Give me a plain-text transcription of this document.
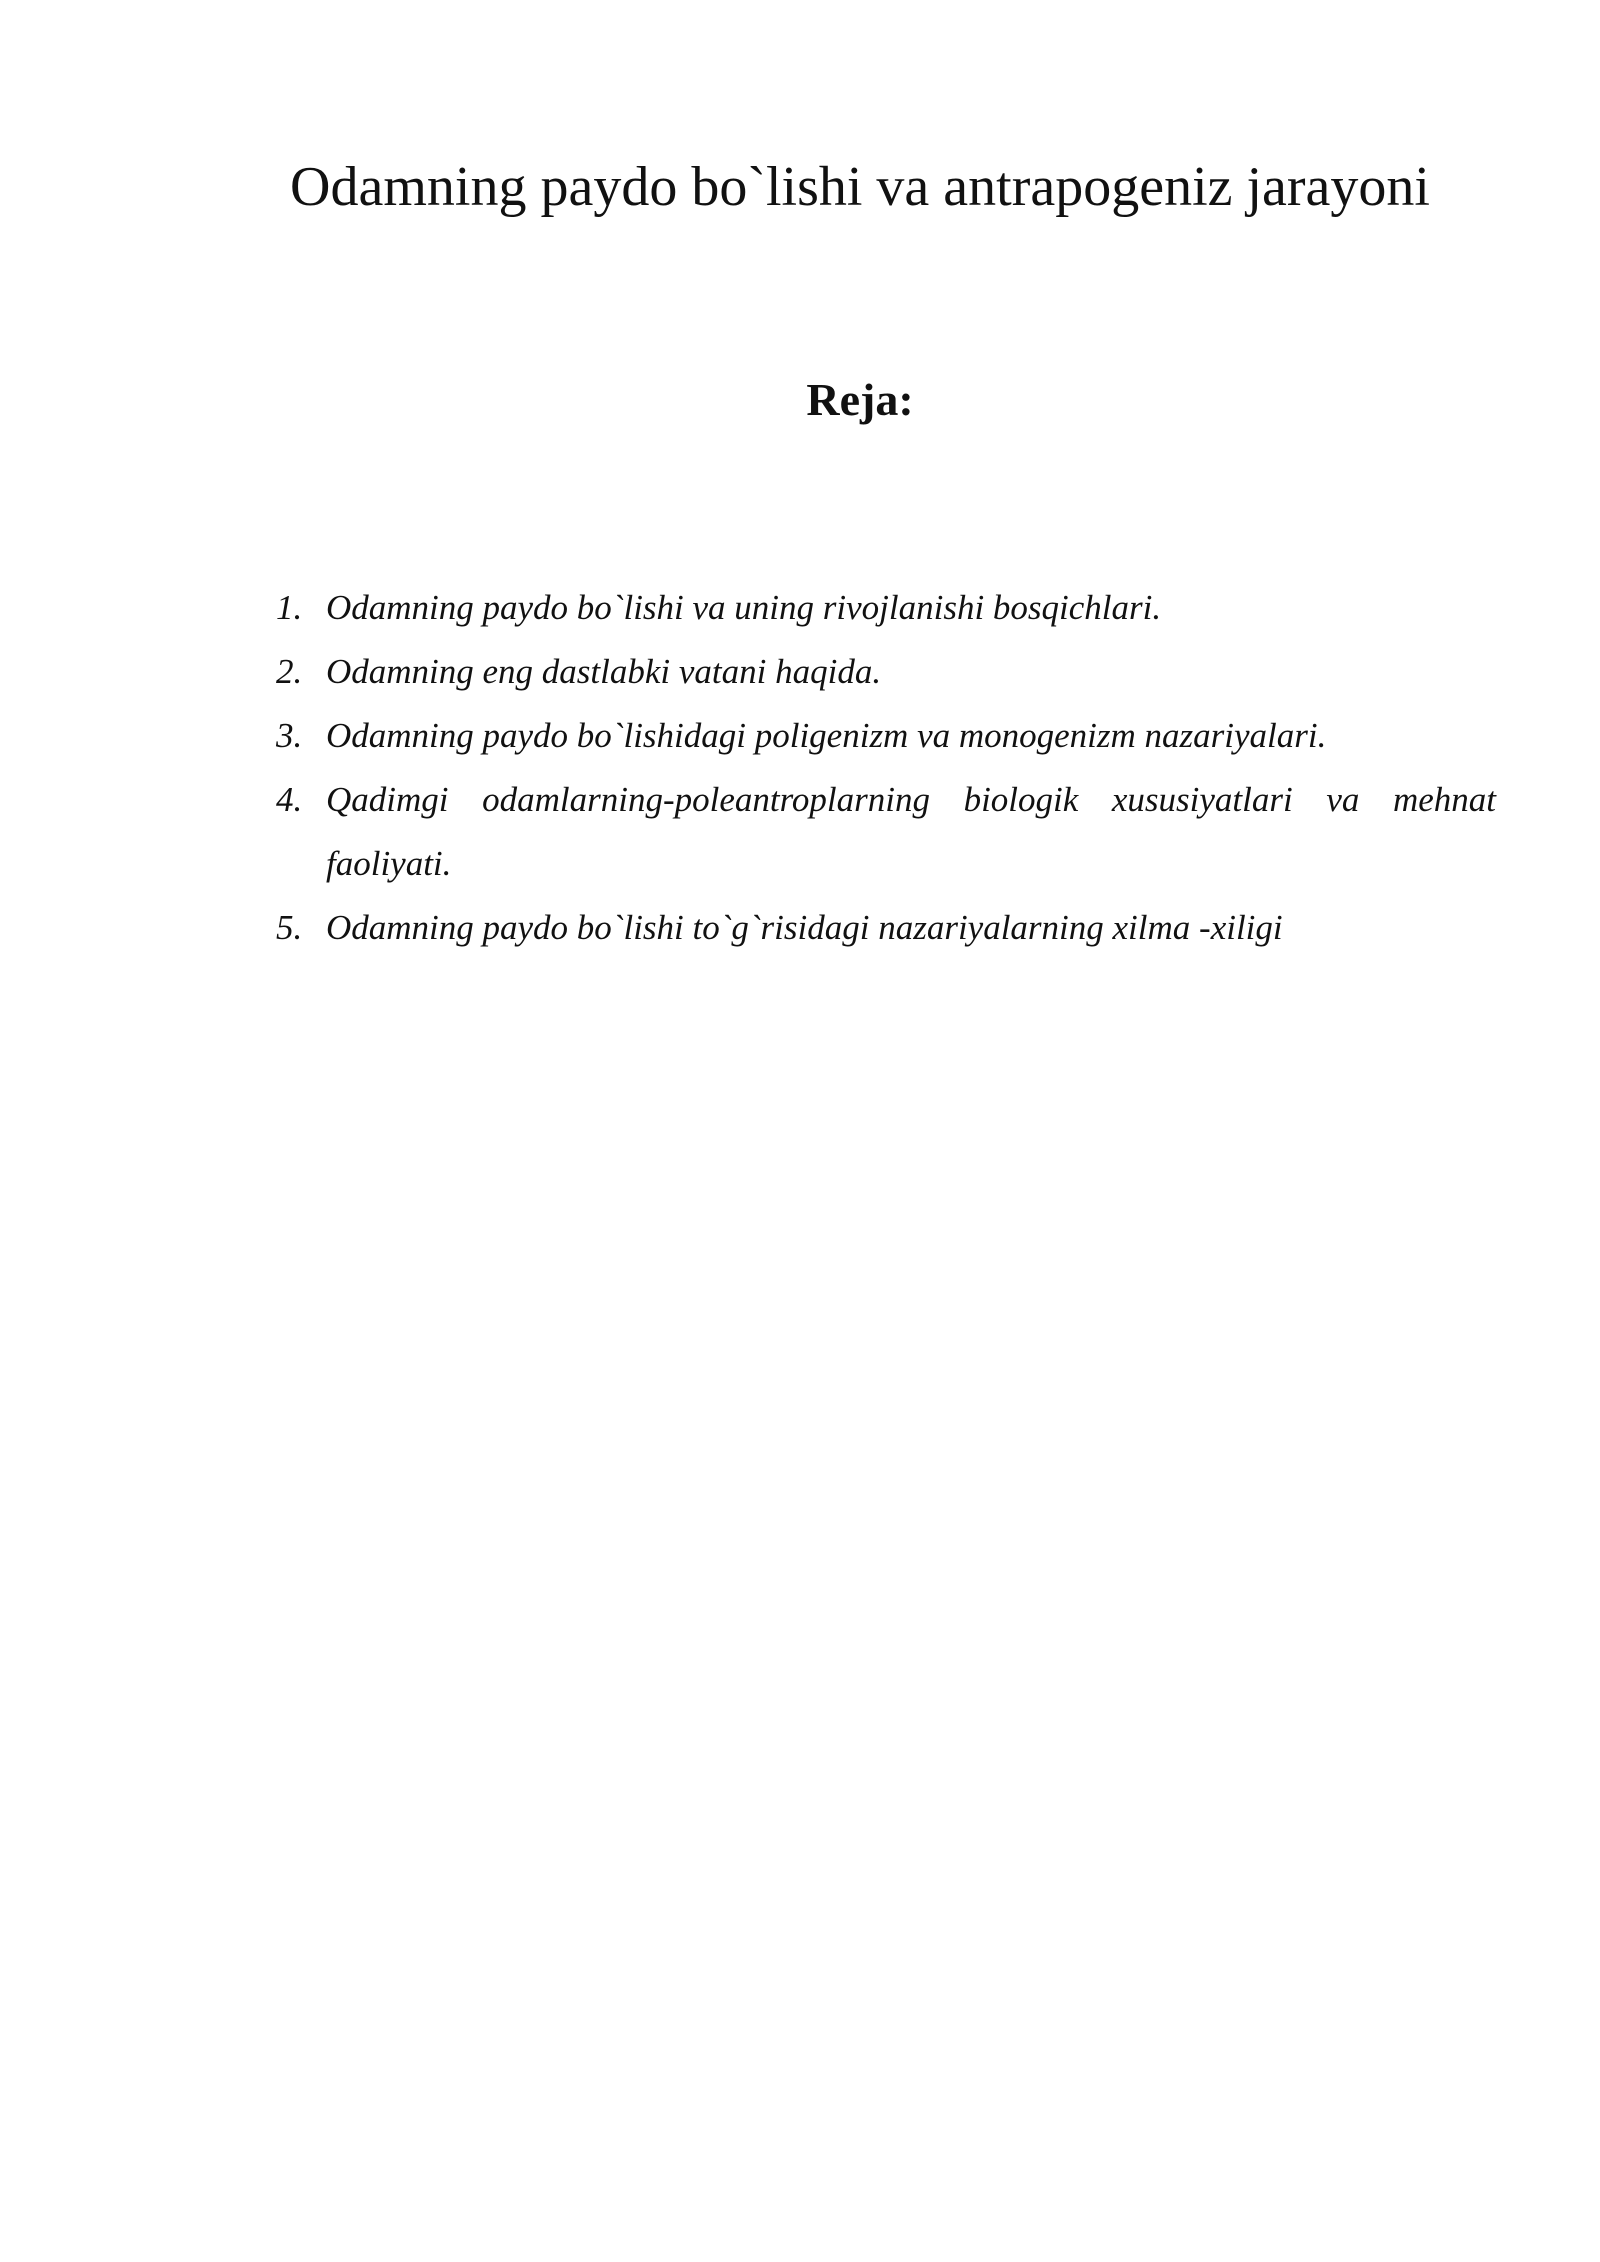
Odamning paydo bo`lishi va antrapogeniz jarayoni
Reja:
1. Odamning paydo bo`lishi va uning rivojlanishi bosqichlari.
2. Odamning eng dastlabki vatani haqida.
3. Odamning paydo bo`lishidagi poligenizm va monogenizm nazariyalari.
4. Qadimgi odamlarning-poleantroplarning biologik xususiyatlari va mehnat faoliyati.
5. Odamning paydo bo`lishi to`g`risidagi nazariyalarning xilma -xiligi
